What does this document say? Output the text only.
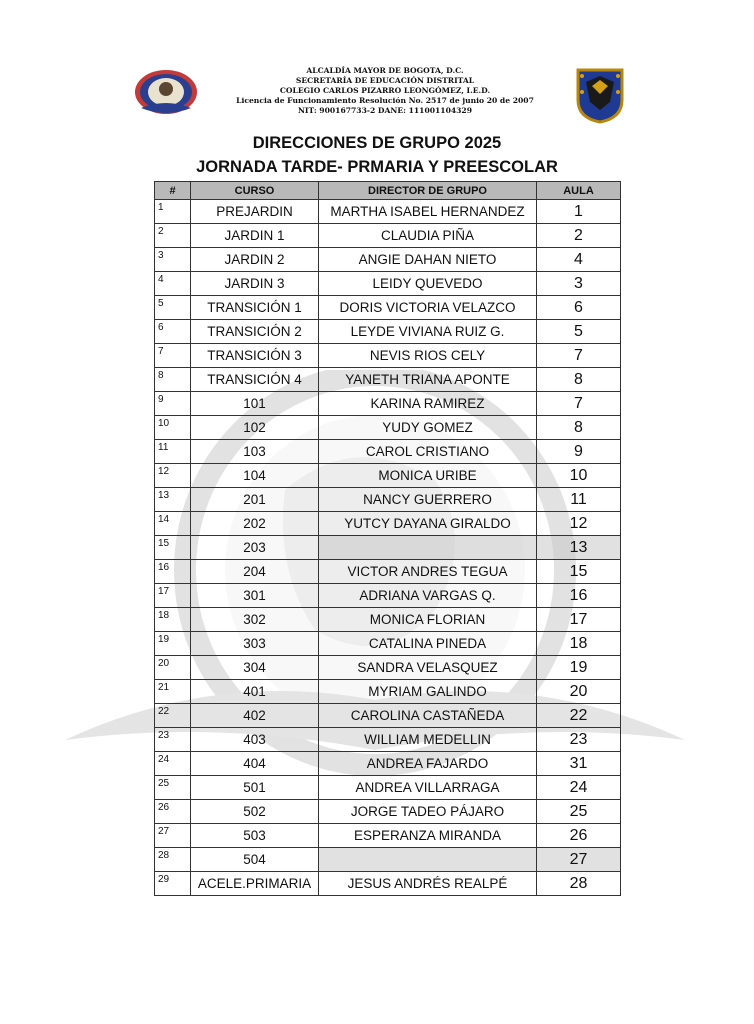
ALCALDÍA MAYOR DE BOGOTA, D.C.
SECRETARÍA DE EDUCACIÓN DISTRITAL
COLEGIO CARLOS PIZARRO LEONGÓMEZ, I.E.D.
Licencia de Funcionamiento Resolución No. 2517 de junio 20 de 2007
NIT: 900167733-2 DANE: 111001104329
DIRECCIONES DE GRUPO 2025
JORNADA TARDE- PRMARIA Y PREESCOLAR
#	CURSO	DIRECTOR DE GRUPO	AULA
1	PREJARDIN	MARTHA ISABEL HERNANDEZ	1
2	JARDIN 1	CLAUDIA PIÑA	2
3	JARDIN 2	ANGIE DAHAN NIETO	4
4	JARDIN 3	LEIDY QUEVEDO	3
5	TRANSICIÓN 1	DORIS VICTORIA VELAZCO	6
6	TRANSICIÓN 2	LEYDE VIVIANA RUIZ G.	5
7	TRANSICIÓN 3	NEVIS RIOS CELY	7
8	TRANSICIÓN 4	YANETH TRIANA APONTE	8
9	101	KARINA RAMIREZ	7
10	102	YUDY GOMEZ	8
11	103	CAROL CRISTIANO	9
12	104	MONICA URIBE	10
13	201	NANCY GUERRERO	11
14	202	YUTCY DAYANA GIRALDO	12
15	203		13
16	204	VICTOR ANDRES TEGUA	15
17	301	ADRIANA VARGAS Q.	16
18	302	MONICA FLORIAN	17
19	303	CATALINA PINEDA	18
20	304	SANDRA VELASQUEZ	19
21	401	MYRIAM GALINDO	20
22	402	CAROLINA CASTAÑEDA	22
23	403	WILLIAM MEDELLIN	23
24	404	ANDREA FAJARDO	31
25	501	ANDREA VILLARRAGA	24
26	502	JORGE TADEO PÁJARO	25
27	503	ESPERANZA MIRANDA	26
28	504		27
29	ACELE.PRIMARIA	JESUS ANDRÉS REALPÉ	28
